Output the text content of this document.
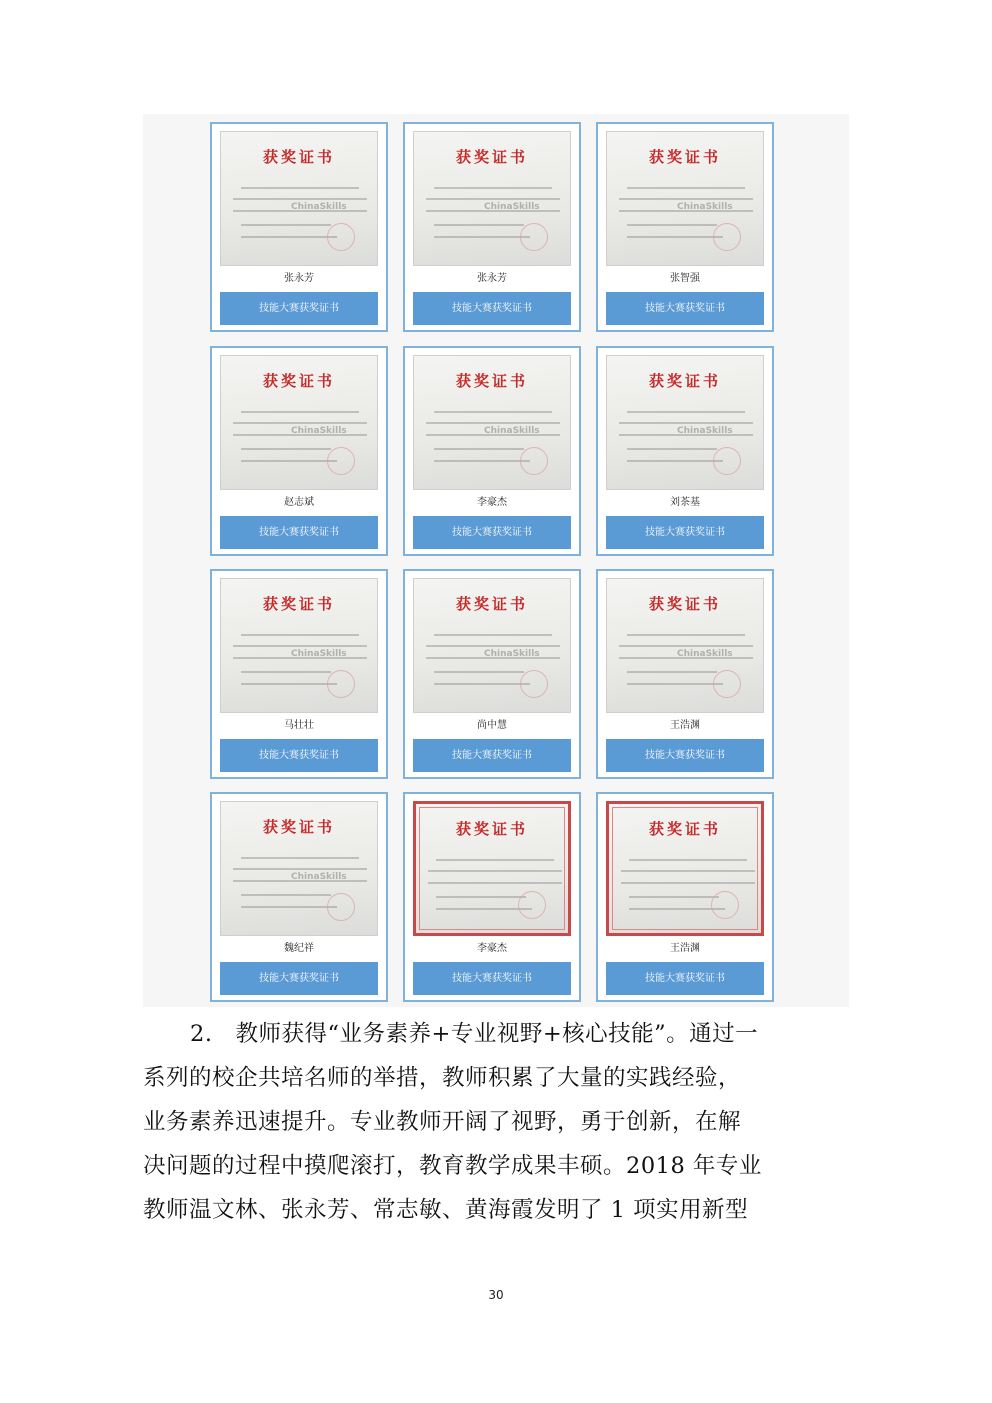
获奖证书
ChinaSkills
张永芳
技能大赛获奖证书
获奖证书
ChinaSkills
张永芳
技能大赛获奖证书
获奖证书
ChinaSkills
张智强
技能大赛获奖证书
获奖证书
ChinaSkills
赵志斌
技能大赛获奖证书
获奖证书
ChinaSkills
李豪杰
技能大赛获奖证书
获奖证书
ChinaSkills
刘茶基
技能大赛获奖证书
获奖证书
ChinaSkills
马壮壮
技能大赛获奖证书
获奖证书
ChinaSkills
尚中慧
技能大赛获奖证书
获奖证书
ChinaSkills
王浩渊
技能大赛获奖证书
获奖证书
ChinaSkills
魏纪祥
技能大赛获奖证书
获奖证书
李豪杰
技能大赛获奖证书
获奖证书
王浩渊
技能大赛获奖证书
2.　教师获得“业务素养+专业视野+核心技能”。通过一
系列的校企共培名师的举措，教师积累了大量的实践经验，
业务素养迅速提升。专业教师开阔了视野，勇于创新，在解
决问题的过程中摸爬滚打，教育教学成果丰硕。2018 年专业
教师温文林、张永芳、常志敏、黄海霞发明了 1 项实用新型
30
